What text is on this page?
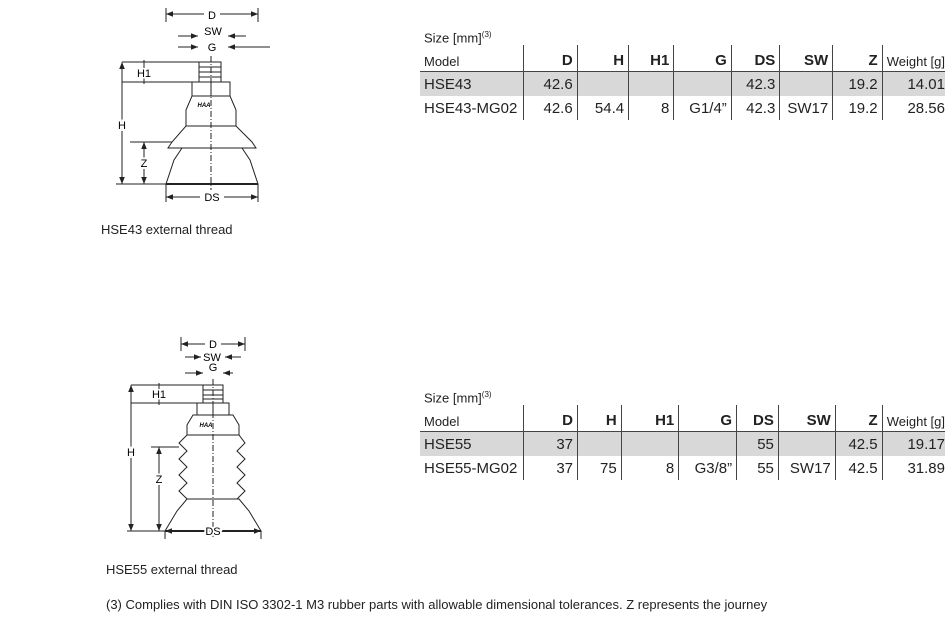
D
SW
G
HAA
H1
H
Z
DS
HSE43 external thread
Size [mm]$^{(3)}$
Model	D	H	H1	G	DS	SW	Z	Weight [g]
HSE43	42.6				42.3		19.2	14.01
HSE43-MG02	42.6	54.4	8	G1/4”	42.3	SW17	19.2	28.56
D
SW
G
HAA
H1
H
Z
DS
HSE55 external thread
Size [mm]$^{(3)}$
Model	D	H	H1	G	DS	SW	Z	Weight [g]
HSE55	37				55		42.5	19.17
HSE55-MG02	37	75	8	G3/8”	55	SW17	42.5	31.89
(3) Complies with DIN ISO 3302-1 M3 rubber parts with allowable dimensional tolerances. Z represents the journey
